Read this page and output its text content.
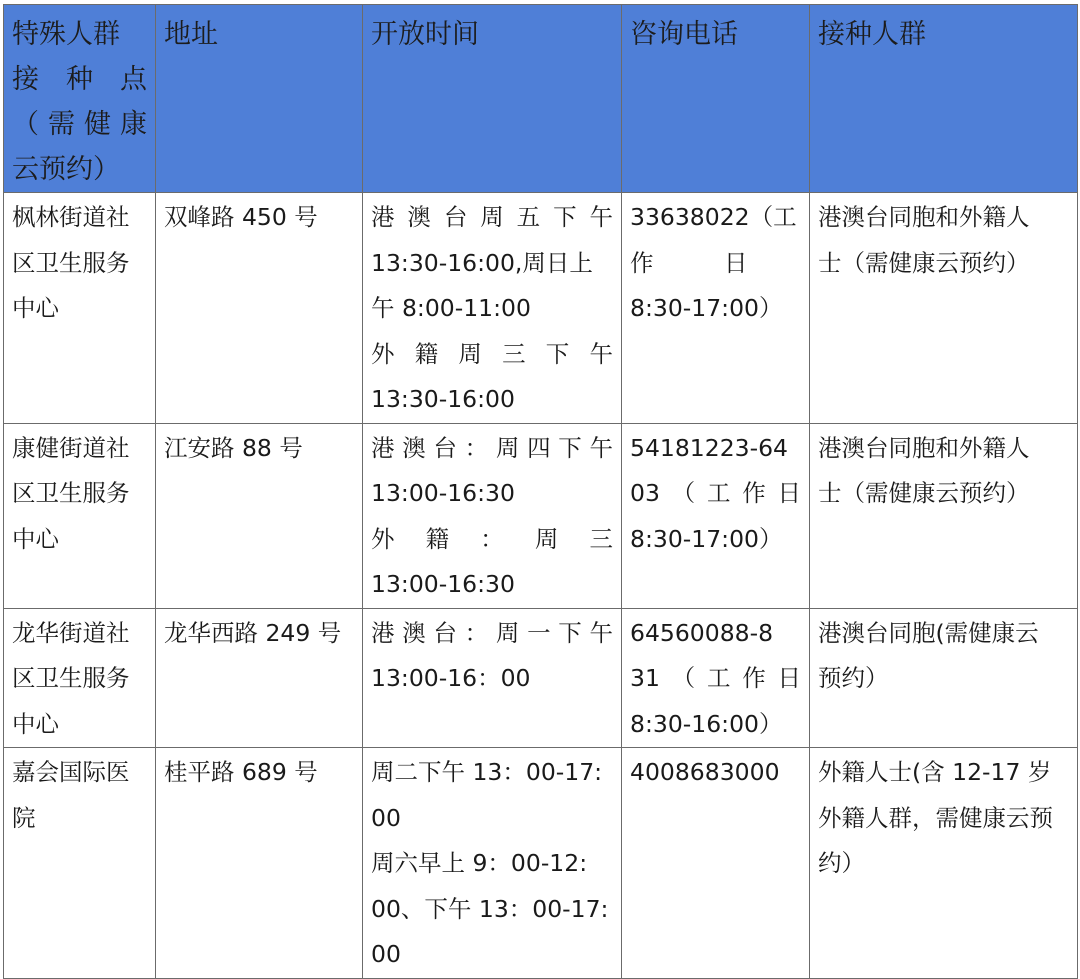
特殊人群
接 种 点
（需健康
云预约）	地址	开放时间	咨询电话	接种人群

枫林街道社
区卫生服务
中心	双峰路 450 号	港澳台周五下午
13:30-16:00,周日上
午 8:00-11:00
外籍周三下午
13:30-16:00	33638022（工
作　　　日
8:30-17:00）	港澳台同胞和外籍人
士（需健康云预约）

康健街道社
区卫生服务
中心	江安路 88 号	港澳台：周四下午
13:00-16:30
外籍：周三
13:00-16:30	54181223-64
03（工作日
8:30-17:00）	港澳台同胞和外籍人
士（需健康云预约）

龙华街道社
区卫生服务
中心	龙华西路 249 号	港澳台：周一下午
13:00-16：00	64560088-8
31（工作日
8:30-16:00）	港澳台同胞(需健康云
预约）

嘉会国际医
院	桂平路 689 号	周二下午 13：00-17:
00
周六早上 9：00-12:
00、下午 13：00-17:
00	4008683000	外籍人士(含 12-17 岁
外籍人群，需健康云预
约）
